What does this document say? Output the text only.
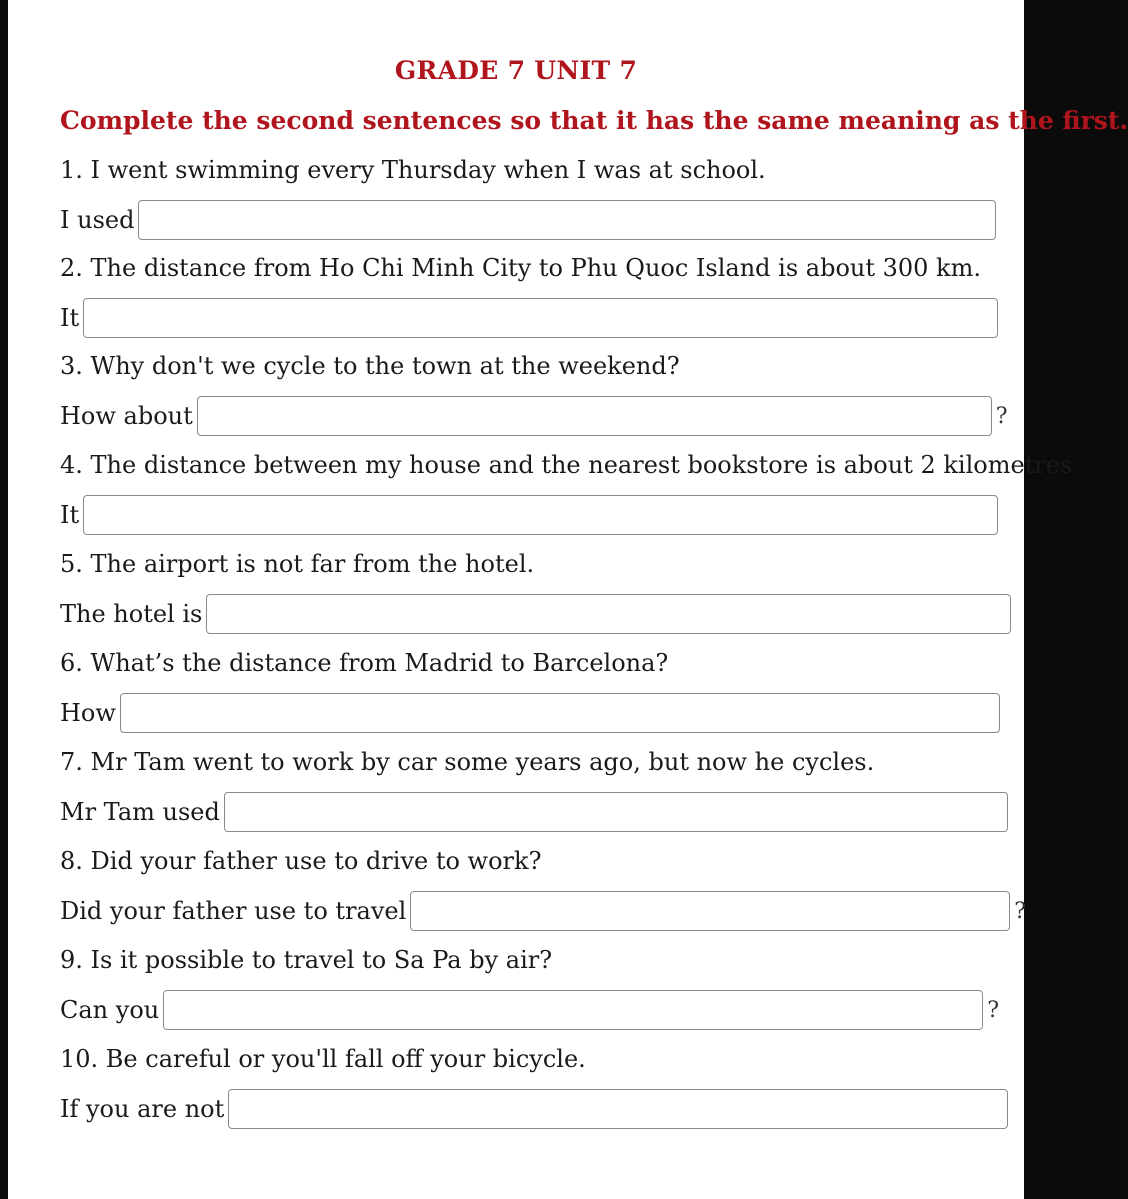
GRADE 7 UNIT 7
Complete the second sentences so that it has the same meaning as the first.
1. I went swimming every Thursday when I was at school.
I used
2. The distance from Ho Chi Minh City to Phu Quoc Island is about 300 km.
It
3. Why don't we cycle to the town at the weekend?
How about	?
4. The distance between my house and the nearest bookstore is about 2 kilometres
It
5. The airport is not far from the hotel.
The hotel is
6. What’s the distance from Madrid to Barcelona?
How
7. Mr Tam went to work by car some years ago, but now he cycles.
Mr Tam used
8. Did your father use to drive to work?
Did your father use to travel	?
9. Is it possible to travel to Sa Pa by air?
Can you	?
10. Be careful or you'll fall off your bicycle.
If you are not
